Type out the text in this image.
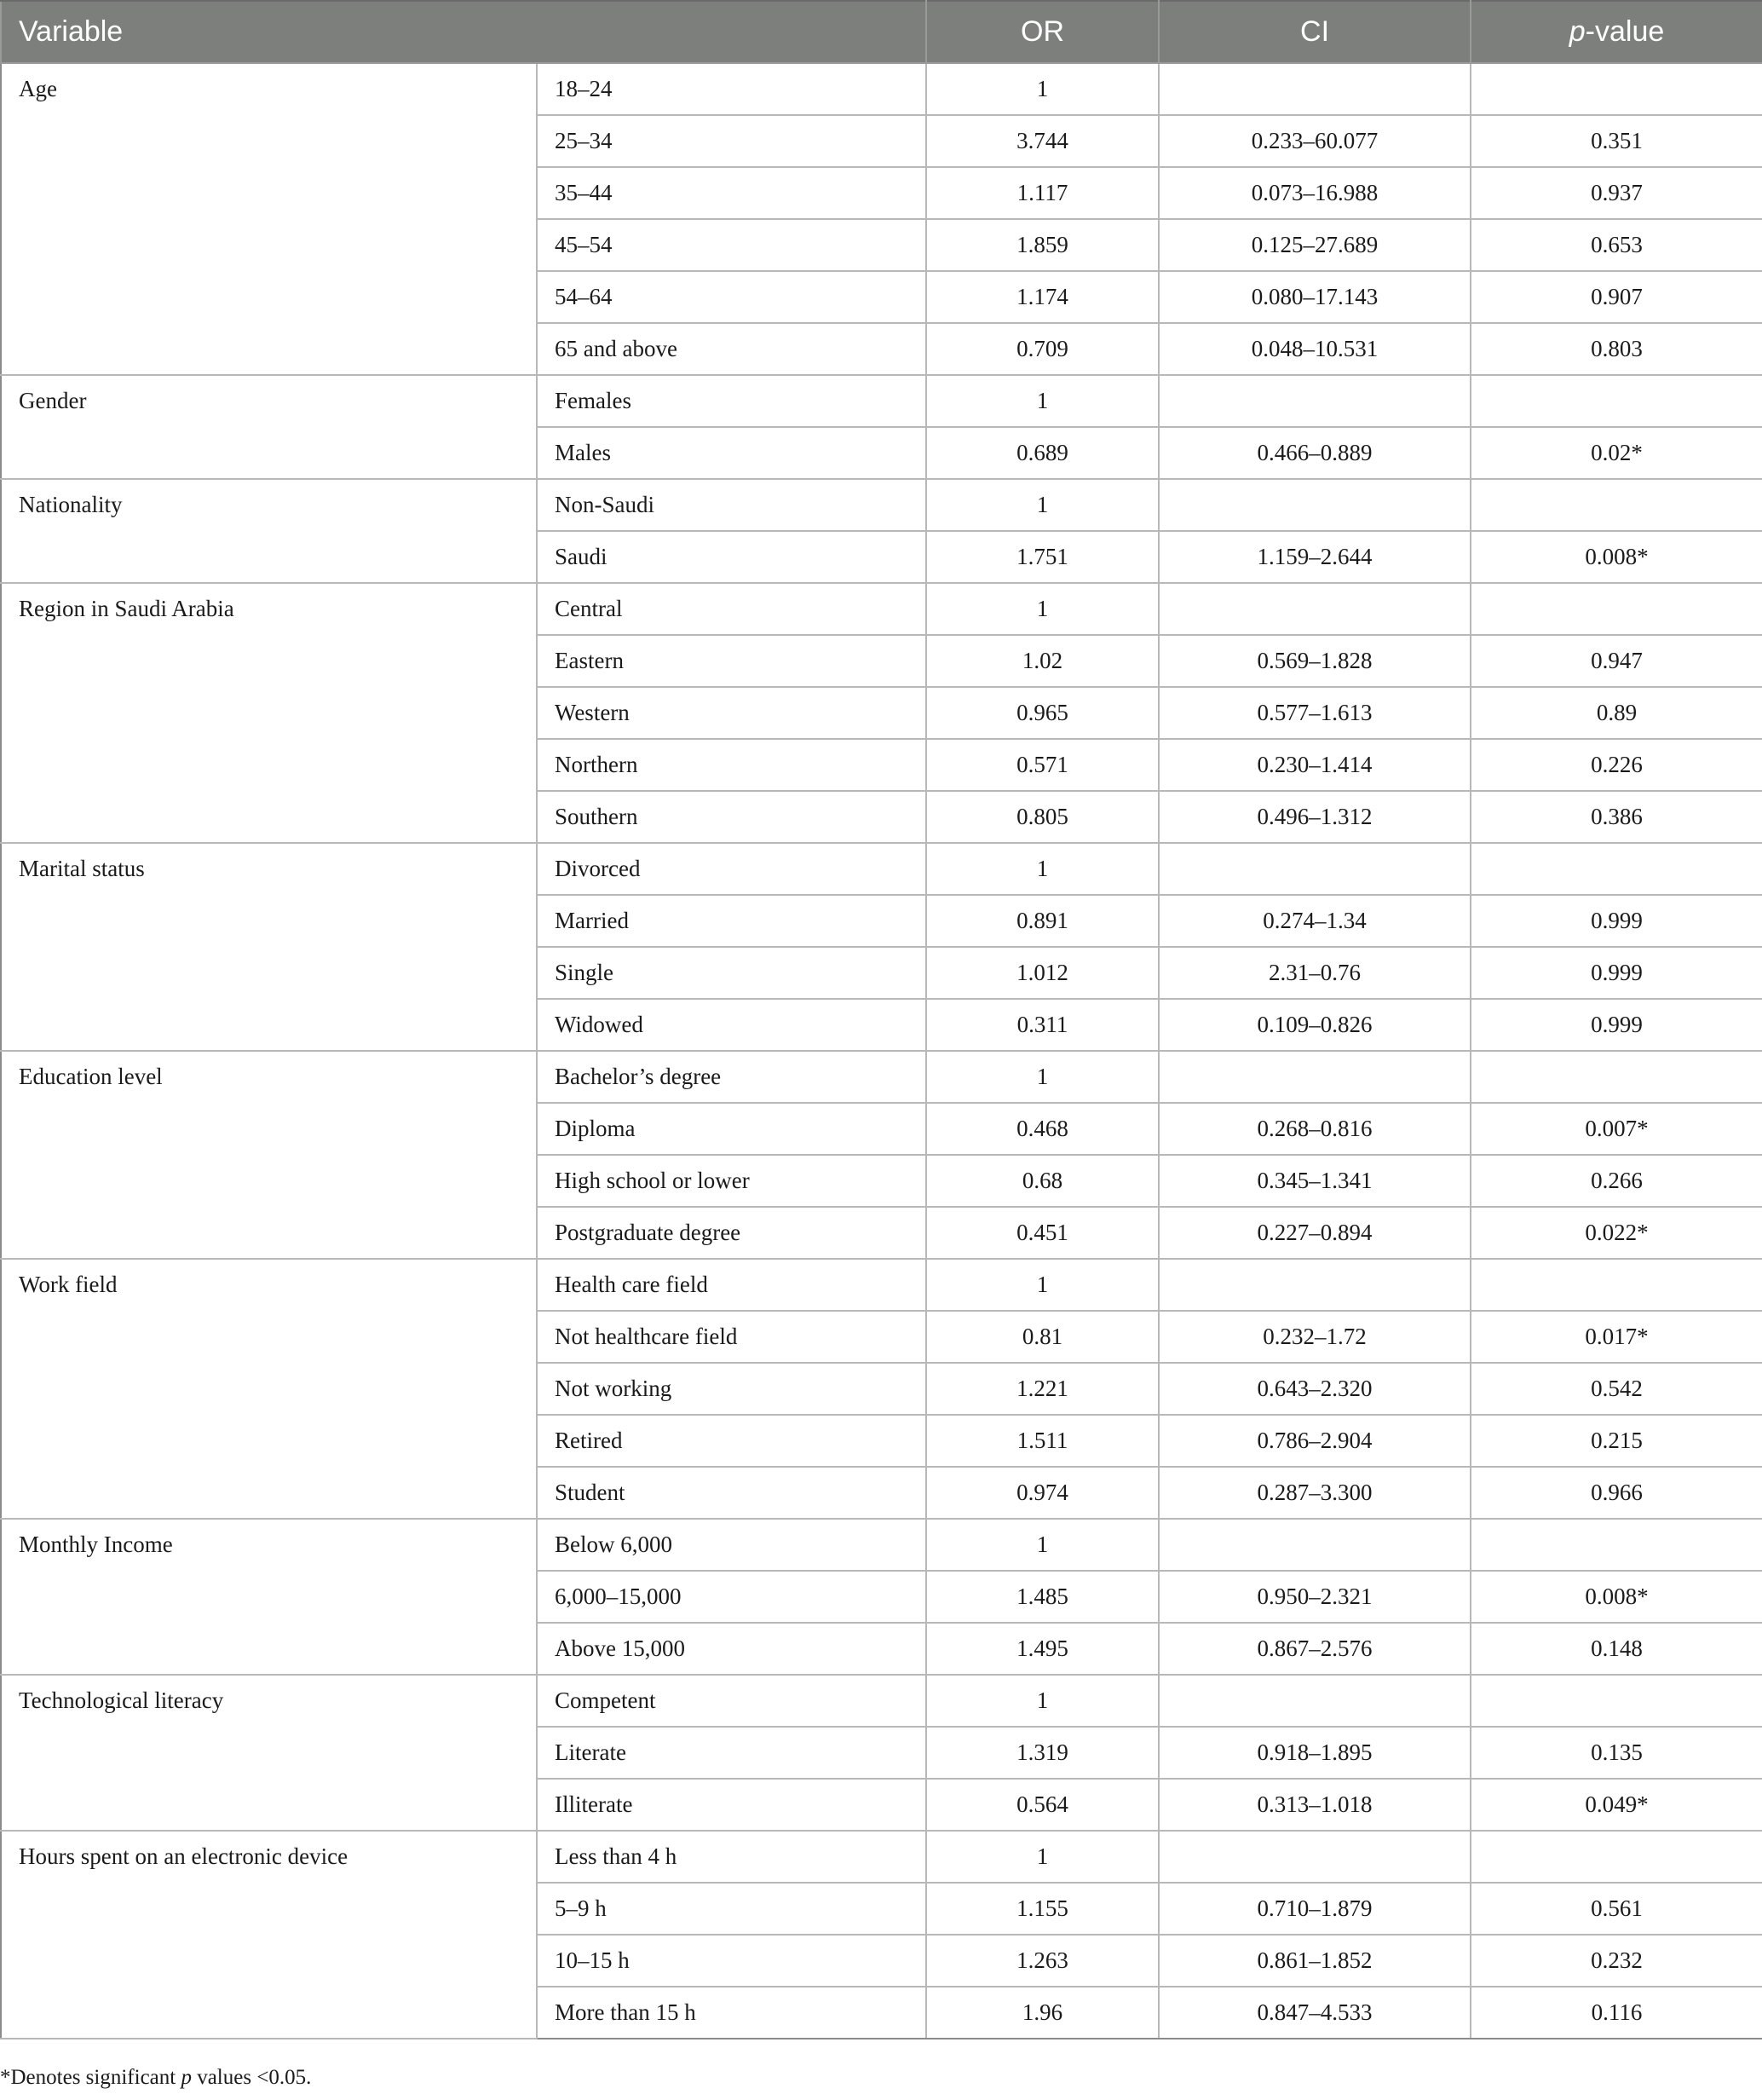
Variable		OR	CI	p-value
Age	18–24	1		
	25–34	3.744	0.233–60.077	0.351
	35–44	1.117	0.073–16.988	0.937
	45–54	1.859	0.125–27.689	0.653
	54–64	1.174	0.080–17.143	0.907
	65 and above	0.709	0.048–10.531	0.803
Gender	Females	1		
	Males	0.689	0.466–0.889	0.02*
Nationality	Non-Saudi	1		
	Saudi	1.751	1.159–2.644	0.008*
Region in Saudi Arabia	Central	1		
	Eastern	1.02	0.569–1.828	0.947
	Western	0.965	0.577–1.613	0.89
	Northern	0.571	0.230–1.414	0.226
	Southern	0.805	0.496–1.312	0.386
Marital status	Divorced	1		
	Married	0.891	0.274–1.34	0.999
	Single	1.012	2.31–0.76	0.999
	Widowed	0.311	0.109–0.826	0.999
Education level	Bachelor’s degree	1		
	Diploma	0.468	0.268–0.816	0.007*
	High school or lower	0.68	0.345–1.341	0.266
	Postgraduate degree	0.451	0.227–0.894	0.022*
Work field	Health care field	1		
	Not healthcare field	0.81	0.232–1.72	0.017*
	Not working	1.221	0.643–2.320	0.542
	Retired	1.511	0.786–2.904	0.215
	Student	0.974	0.287–3.300	0.966
Monthly Income	Below 6,000	1		
	6,000–15,000	1.485	0.950–2.321	0.008*
	Above 15,000	1.495	0.867–2.576	0.148
Technological literacy	Competent	1		
	Literate	1.319	0.918–1.895	0.135
	Illiterate	0.564	0.313–1.018	0.049*
Hours spent on an electronic device	Less than 4 h	1		
	5–9 h	1.155	0.710–1.879	0.561
	10–15 h	1.263	0.861–1.852	0.232
	More than 15 h	1.96	0.847–4.533	0.116
*Denotes significant p values <0.05.
